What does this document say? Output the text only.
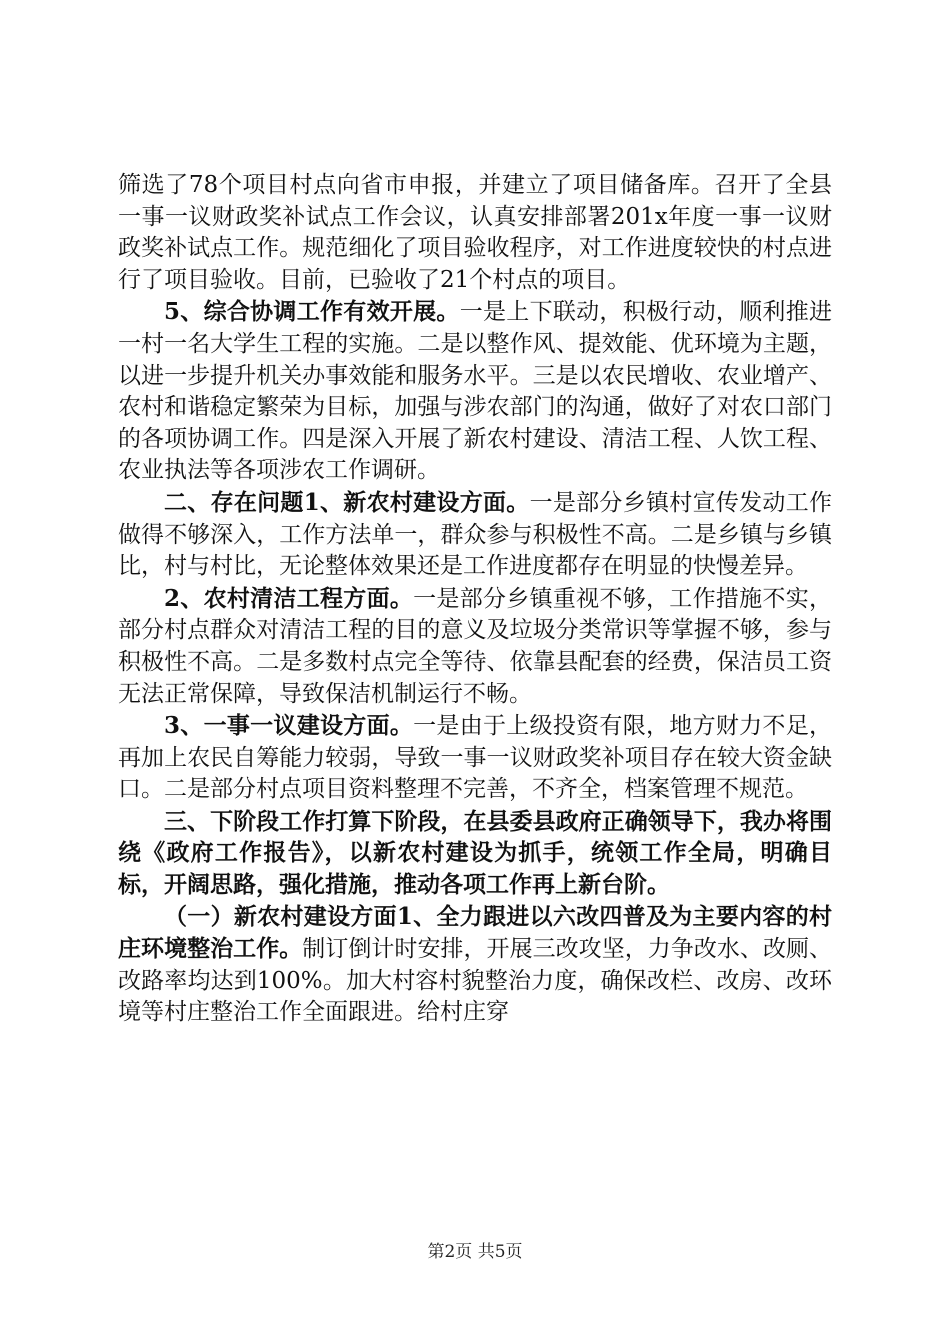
筛选了78个项目村点向省市申报，并建立了项目储备库。召开了全县一事一议财政奖补试点工作会议，认真安排部署201x年度一事一议财政奖补试点工作。规范细化了项目验收程序，对工作进度较快的村点进行了项目验收。目前，已验收了21个村点的项目。

5、综合协调工作有效开展。一是上下联动，积极行动，顺利推进一村一名大学生工程的实施。二是以整作风、提效能、优环境为主题，以进一步提升机关办事效能和服务水平。三是以农民增收、农业增产、农村和谐稳定繁荣为目标，加强与涉农部门的沟通，做好了对农口部门的各项协调工作。四是深入开展了新农村建设、清洁工程、人饮工程、农业执法等各项涉农工作调研。

二、存在问题1、新农村建设方面。一是部分乡镇村宣传发动工作做得不够深入，工作方法单一，群众参与积极性不高。二是乡镇与乡镇比，村与村比，无论整体效果还是工作进度都存在明显的快慢差异。

2、农村清洁工程方面。一是部分乡镇重视不够，工作措施不实，部分村点群众对清洁工程的目的意义及垃圾分类常识等掌握不够，参与积极性不高。二是多数村点完全等待、依靠县配套的经费，保洁员工资无法正常保障，导致保洁机制运行不畅。

3、一事一议建设方面。一是由于上级投资有限，地方财力不足，再加上农民自筹能力较弱，导致一事一议财政奖补项目存在较大资金缺口。二是部分村点项目资料整理不完善，不齐全，档案管理不规范。

三、下阶段工作打算下阶段，在县委县政府正确领导下，我办将围绕《政府工作报告》，以新农村建设为抓手，统领工作全局，明确目标，开阔思路，强化措施，推动各项工作再上新台阶。

（一）新农村建设方面1、全力跟进以六改四普及为主要内容的村庄环境整治工作。制订倒计时安排，开展三改攻坚，力争改水、改厕、改路率均达到100%。加大村容村貌整治力度，确保改栏、改房、改环境等村庄整治工作全面跟进。给村庄穿

第2页 共5页
